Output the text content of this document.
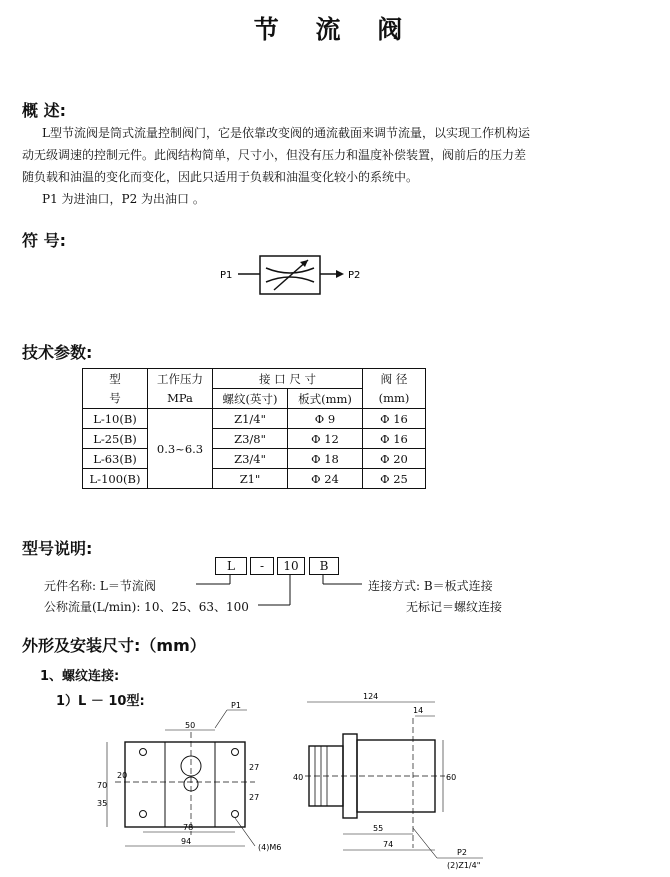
节 流 阀
概 述:
L型节流阀是筒式流量控制阀门，它是依靠改变阀的通流截面来调节流量，以实现工作机构运
动无级调速的控制元件。此阀结构简单，尺寸小，但没有压力和温度补偿装置，阀前后的压力差
随负载和油温的变化而变化，因此只适用于负载和油温变化较小的系统中。
P1 为进油口，P2 为出油口 。
符 号:
P1	P2
技术参数:
型	工作压力	接 口 尺 寸		阀 径
号	MPa	螺纹(英寸)	板式(mm)	(mm)
L-10(B)	0.3~6.3	Z1/4"	Φ 9	Φ 16
L-25(B)		Z3/8"	Φ 12	Φ 16
L-63(B)		Z3/4"	Φ 18	Φ 20
L-100(B)		Z1"	Φ 24	Φ 25
型号说明:
L	-	10	B
元件名称: L＝节流阀
公称流量(L/min): 10、25、63、100
连接方式: B＝板式连接
无标记＝螺纹连接
外形及安装尺寸:（mm）
1、螺纹连接:
1）L － 10型:
50
P1
70
35
20
27
27
78
94
(4)M6
124
14
40	60
55
74
P2
(2)Z1/4"
